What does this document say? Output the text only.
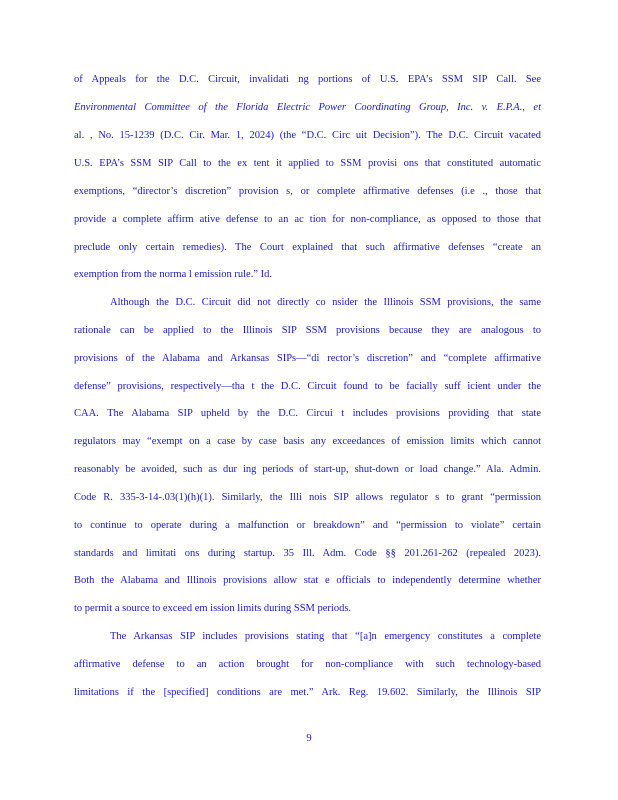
of Appeals for the D.C. Circuit, invalidati ng portions of U.S. EPA’s SSM SIP Call. See
Environmental Committee of the Florida Electric Power Coordinating Group, Inc. v. E.P.A., et
al. , No. 15-1239 (D.C. Cir. Mar. 1, 2024) (the “D.C. Circ uit Decision”). The D.C. Circuit vacated
U.S. EPA’s SSM SIP Call to the ex tent it applied to SSM provisi ons that constituted automatic
exemptions, “director’s discretion” provision s, or complete affirmative defenses (i.e ., those that
provide a complete affirm ative defense to an ac tion for non-compliance, as opposed to those that
preclude only certain remedies). The Court explained that such affirmative defenses “create an
exemption from the norma l emission rule.” Id.
Although the D.C. Circuit did not directly co nsider the Illinois SSM provisions, the same
rationale can be applied to the Illinois SIP SSM provisions because they are analogous to
provisions of the Alabama and Arkansas SIPs—“di rector’s discretion” and “complete affirmative
defense” provisions, respectively—tha t the D.C. Circuit found to be facially suff icient under the
CAA. The Alabama SIP upheld by the D.C. Circui t includes provisions providing that state
regulators may “exempt on a case by case basis any exceedances of emission limits which cannot
reasonably be avoided, such as dur ing periods of start-up, shut-down or load change.” Ala. Admin.
Code R. 335-3-14-.03(1)(h)(1). Similarly, the Illi nois SIP allows regulator s to grant “permission
to continue to operate during a malfunction or breakdown” and “permission to violate” certain
standards and limitati ons during startup. 35 Ill. Adm. Code §§ 201.261-262 (repealed 2023).
Both the Alabama and Illinois provisions allow stat e officials to independently determine whether
to permit a source to exceed em ission limits during SSM periods.
The Arkansas SIP includes provisions stating that “[a]n emergency constitutes a complete
affirmative defense to an action brought for non-compliance with such technology-based
limitations if the [specified] conditions are met.” Ark. Reg. 19.602. Similarly, the Illinois SIP
9
